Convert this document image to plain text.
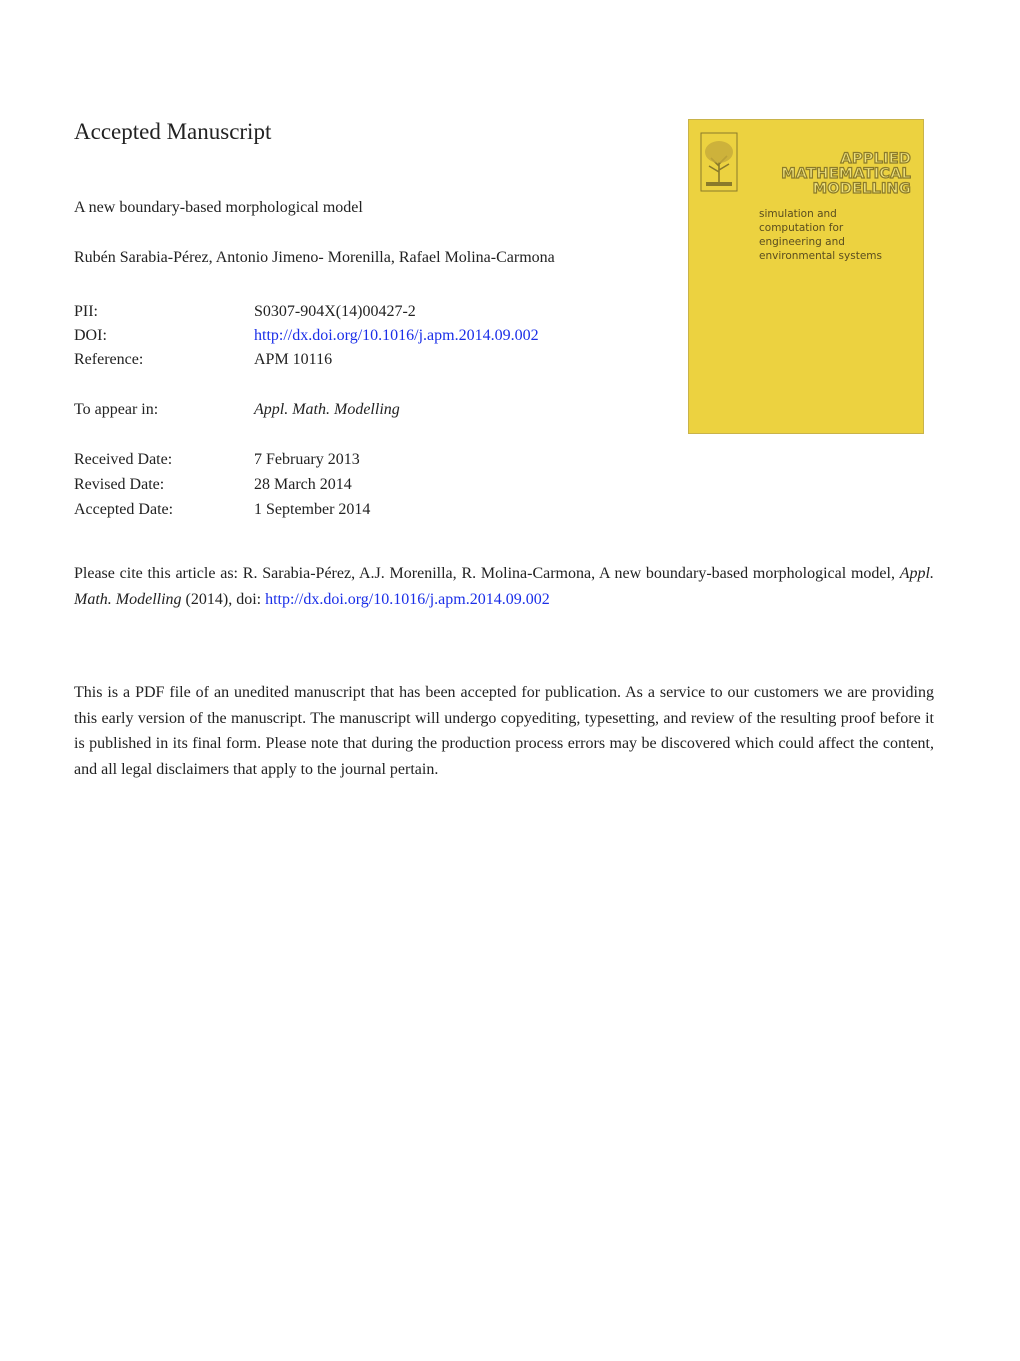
Accepted Manuscript
A new boundary-based morphological model
Rubén Sarabia-Pérez, Antonio Jimeno- Morenilla, Rafael Molina-Carmona
PII:	S0307-904X(14)00427-2
DOI:	http://dx.doi.org/10.1016/j.apm.2014.09.002
Reference:	APM 10116
To appear in:	Appl. Math. Modelling
Received Date:	7 February 2013
Revised Date:	28 March 2014
Accepted Date:	1 September 2014
Please cite this article as: R. Sarabia-Pérez, A.J. Morenilla, R. Molina-Carmona, A new boundary-based morphological model, Appl. Math. Modelling (2014), doi: http://dx.doi.org/10.1016/j.apm.2014.09.002
This is a PDF file of an unedited manuscript that has been accepted for publication. As a service to our customers we are providing this early version of the manuscript. The manuscript will undergo copyediting, typesetting, and review of the resulting proof before it is published in its final form. Please note that during the production process errors may be discovered which could affect the content, and all legal disclaimers that apply to the journal pertain.
APPLIED
MATHEMATICAL
MODELLING
simulation and
computation for
engineering and
environmental systems
